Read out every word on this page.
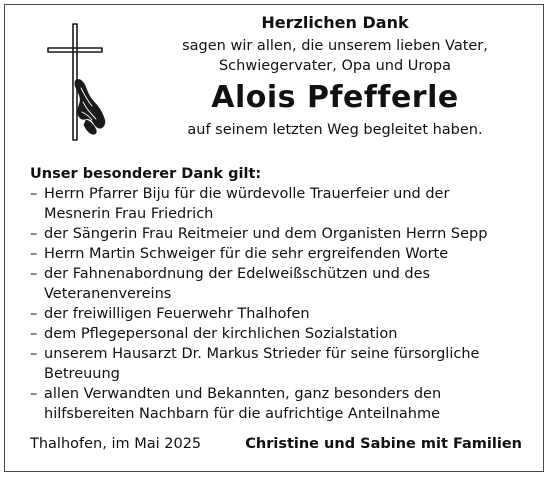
Herzlichen Dank
sagen wir allen, die unserem lieben Vater,
Schwiegervater, Opa und Uropa
Alois Pfefferle
auf seinem letzten Weg begleitet haben.
Unser besonderer Dank gilt:
– Herrn Pfarrer Biju für die würdevolle Trauerfeier und der
Mesnerin Frau Friedrich
– der Sängerin Frau Reitmeier und dem Organisten Herrn Sepp
– Herrn Martin Schweiger für die sehr ergreifenden Worte
– der Fahnenabordnung der Edelweißschützen und des
Veteranenvereins
– der freiwilligen Feuerwehr Thalhofen
– dem Pflegepersonal der kirchlichen Sozialstation
– unserem Hausarzt Dr. Markus Strieder für seine fürsorgliche
Betreuung
– allen Verwandten und Bekannten, ganz besonders den
hilfsbereiten Nachbarn für die aufrichtige Anteilnahme
Thalhofen, im Mai 2025	Christine und Sabine mit Familien
